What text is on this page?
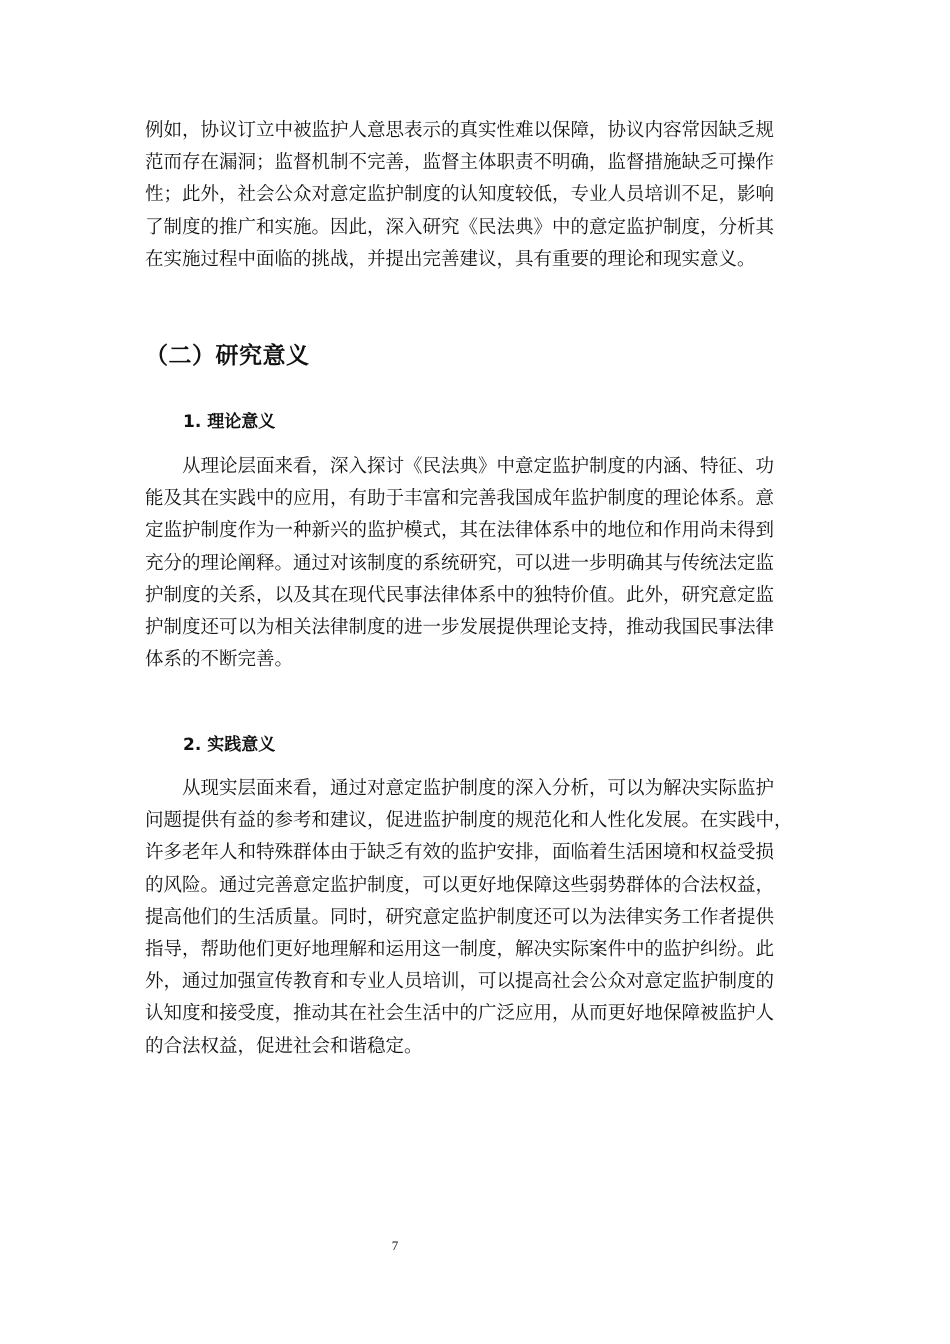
例如，协议订立中被监护人意思表示的真实性难以保障，协议内容常因缺乏规
范而存在漏洞；监督机制不完善，监督主体职责不明确，监督措施缺乏可操作
性；此外，社会公众对意定监护制度的认知度较低，专业人员培训不足，影响
了制度的推广和实施。因此，深入研究《民法典》中的意定监护制度，分析其
在实施过程中面临的挑战，并提出完善建议，具有重要的理论和现实意义。

（二）研究意义
1. 理论意义

从理论层面来看，深入探讨《民法典》中意定监护制度的内涵、特征、功
能及其在实践中的应用，有助于丰富和完善我国成年监护制度的理论体系。意
定监护制度作为一种新兴的监护模式，其在法律体系中的地位和作用尚未得到
充分的理论阐释。通过对该制度的系统研究，可以进一步明确其与传统法定监
护制度的关系，以及其在现代民事法律体系中的独特价值。此外，研究意定监
护制度还可以为相关法律制度的进一步发展提供理论支持，推动我国民事法律
体系的不断完善。

2. 实践意义

从现实层面来看，通过对意定监护制度的深入分析，可以为解决实际监护
问题提供有益的参考和建议，促进监护制度的规范化和人性化发展。在实践中，
许多老年人和特殊群体由于缺乏有效的监护安排，面临着生活困境和权益受损
的风险。通过完善意定监护制度，可以更好地保障这些弱势群体的合法权益，
提高他们的生活质量。同时，研究意定监护制度还可以为法律实务工作者提供
指导，帮助他们更好地理解和运用这一制度，解决实际案件中的监护纠纷。此
外，通过加强宣传教育和专业人员培训，可以提高社会公众对意定监护制度的
认知度和接受度，推动其在社会生活中的广泛应用，从而更好地保障被监护人
的合法权益，促进社会和谐稳定。

7
